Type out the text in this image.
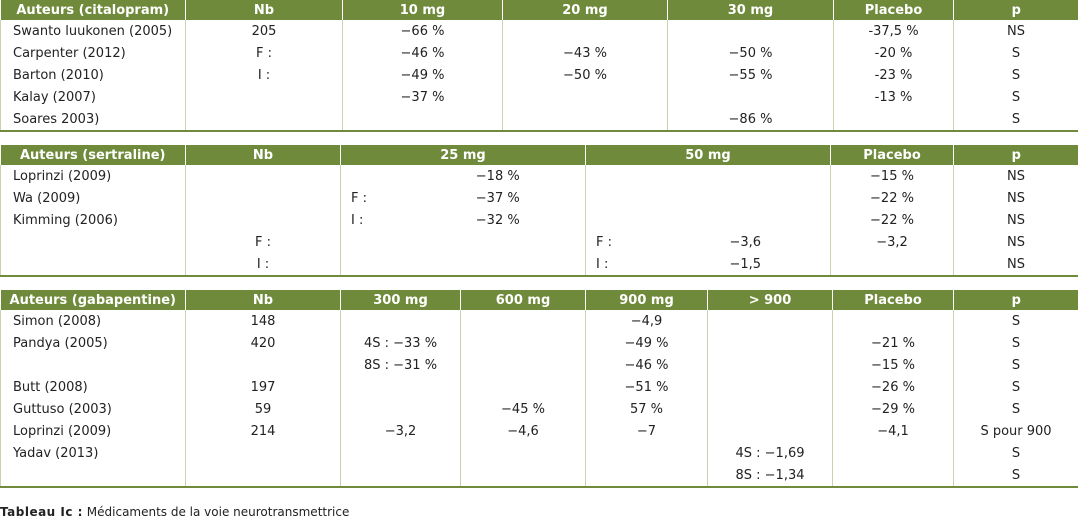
Auteurs (citalopram)	Nb	10 mg	20 mg	30 mg	Placebo	p
Swanto luukonen (2005)	205	−66 %			-37,5 %	NS
Carpenter (2012)	F :	−46 %	−43 %	−50 %	-20 %	S
Barton (2010)	I :	−49 %	−50 %	−55 %	-23 %	S
Kalay (2007)		−37 %			-13 %	S
Soares 2003)				−86 %		S
Auteurs (sertraline)	Nb	25 mg		50 mg		Placebo	p
Loprinzi (2009)			−18 %			−15 %	NS
Wa (2009)		F :	−37 %			−22 %	NS
Kimming (2006)		I :	−32 %			−22 %	NS
	F :			F :	−3,6	−3,2	NS
	I :			I :	−1,5		NS
Auteurs (gabapentine)	Nb	300 mg	600 mg	900 mg	> 900	Placebo	p
Simon (2008)	148			−4,9			S
Pandya (2005)	420	4S : −33 %		−49 %		−21 %	S
		8S : −31 %		−46 %		−15 %	S
Butt (2008)	197			−51 %		−26 %	S
Guttuso (2003)	59		−45 %	57 %		−29 %	S
Loprinzi (2009)	214	−3,2	−4,6	−7		−4,1	S pour 900
Yadav (2013)					4S : −1,69		S
					8S : −1,34		S
Tableau Ic : Médicaments de la voie neurotransmettrice
